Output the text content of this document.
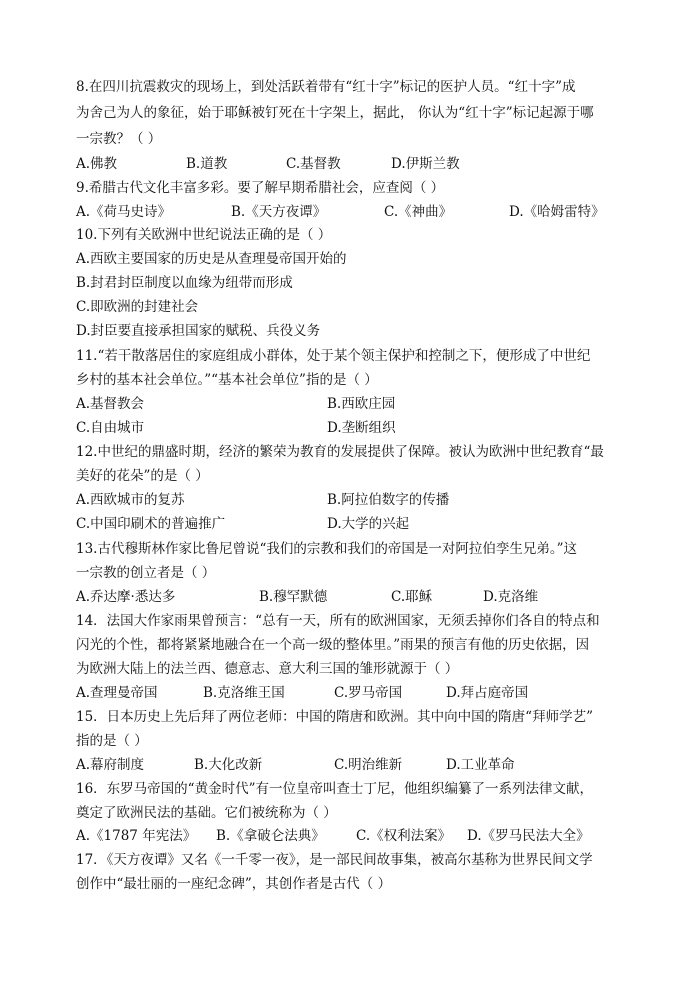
8.在四川抗震救灾的现场上，到处活跃着带有“红十字”标记的医护人员。“红十字”成
为舍己为人的象征，始于耶稣被钉死在十字架上，据此， 你认为“红十字”标记起源于哪
一宗教？（ ）
A.佛教	B.道教	C.基督教	D.伊斯兰教
9.希腊古代文化丰富多彩。要了解早期希腊社会，应查阅（ ）
A.《荷马史诗》	B.《天方夜谭》	C.《神曲》	D.《哈姆雷特》
10.下列有关欧洲中世纪说法正确的是（ ）
A.西欧主要国家的历史是从查理曼帝国开始的
B.封君封臣制度以血缘为纽带而形成
C.即欧洲的封建社会
D.封臣要直接承担国家的赋税、兵役义务
11.“若干散落居住的家庭组成小群体，处于某个领主保护和控制之下，便形成了中世纪
乡村的基本社会单位。”“基本社会单位”指的是（ ）
A.基督教会	B.西欧庄园
C.自由城市	D.垄断组织
12.中世纪的鼎盛时期，经济的繁荣为教育的发展提供了保障。被认为欧洲中世纪教育“最
美好的花朵”的是（ ）
A.西欧城市的复苏	B.阿拉伯数字的传播
C.中国印刷术的普遍推广	D.大学的兴起
13.古代穆斯林作家比鲁尼曾说“我们的宗教和我们的帝国是一对阿拉伯孪生兄弟。”这
一宗教的创立者是（ ）
A.乔达摩·悉达多	B.穆罕默德	C.耶稣	D.克洛维
14．法国大作家雨果曾预言：“总有一天，所有的欧洲国家，无须丢掉你们各自的特点和
闪光的个性，都将紧紧地融合在一个高一级的整体里。”雨果的预言有他的历史依据，因
为欧洲大陆上的法兰西、德意志、意大利三国的雏形就源于（ ）
A.查理曼帝国	B.克洛维王国	C.罗马帝国	D.拜占庭帝国
15．日本历史上先后拜了两位老师：中国的隋唐和欧洲。其中向中国的隋唐“拜师学艺”
指的是（ ）
A.幕府制度	B.大化改新	C.明治维新	D.工业革命
16．东罗马帝国的“黄金时代”有一位皇帝叫查士丁尼，他组织编纂了一系列法律文献，
奠定了欧洲民法的基础。它们被统称为（ ）
A.《1787 年宪法》 B.《拿破仑法典》 C.《权利法案》 D.《罗马民法大全》
17．《天方夜谭》又名《一千零一夜》，是一部民间故事集，被高尔基称为世界民间文学
创作中“最壮丽的一座纪念碑”，其创作者是古代（ ）
